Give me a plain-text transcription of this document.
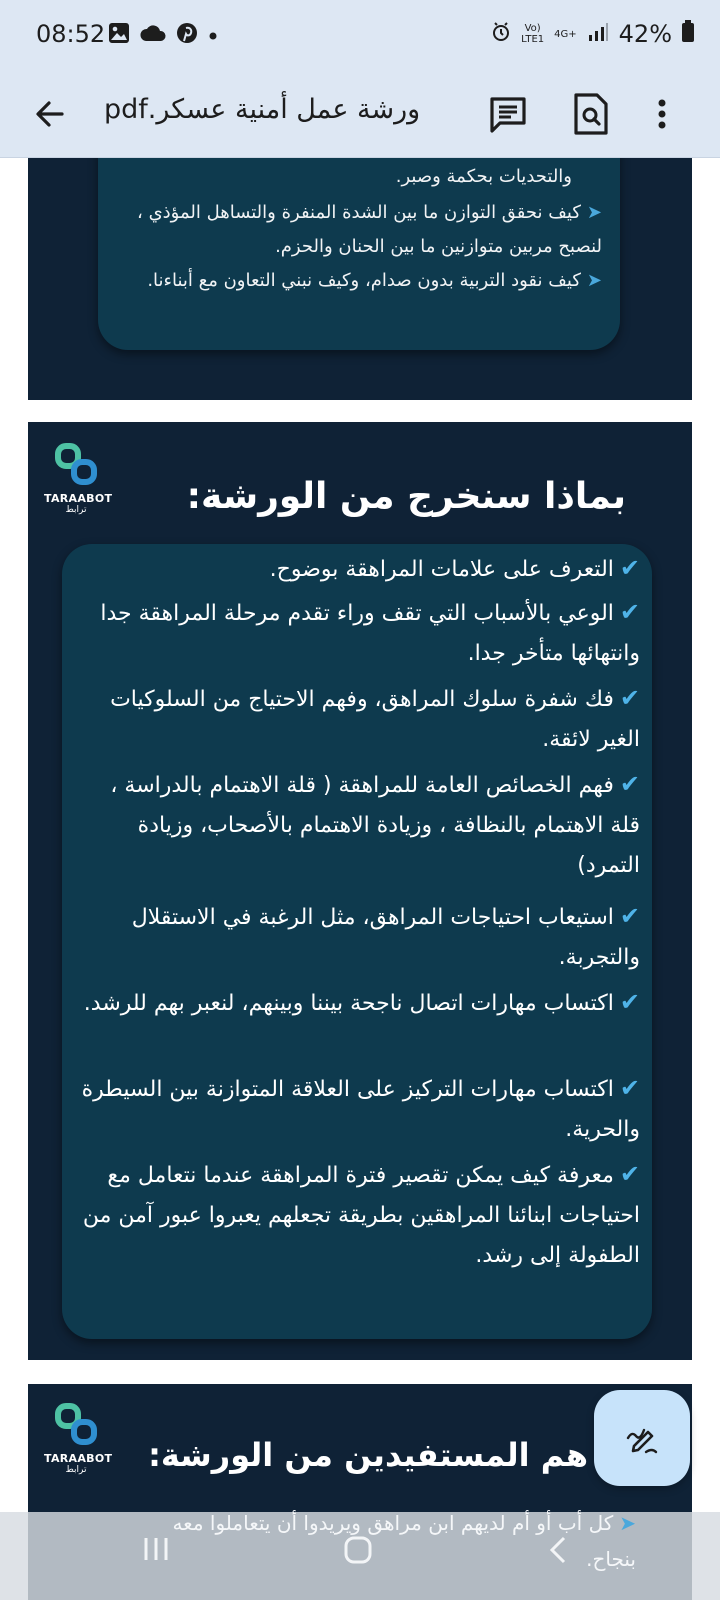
08:52	Vo)
LTE1 4G+ 42%
ورشة عمل أمنية عسكر.pdf
والتحديات بحكمة وصبر.
➤كيف نحقق التوازن ما بين الشدة المنفرة والتساهل المؤذي ، لنصبح مربين متوازنين ما بين الحنان والحزم.
➤كيف نقود التربية بدون صدام، وكيف نبني التعاون مع أبناءنا.
TARAABOT
ترابط	بماذا سنخرج من الورشة:
✔التعرف على علامات المراهقة بوضوح.
✔الوعي بالأسباب التي تقف وراء تقدم مرحلة المراهقة جدا وانتهائها متأخر جدا.
✔فك شفرة سلوك المراهق، وفهم الاحتياج من السلوكيات الغير لائقة.
✔فهم الخصائص العامة للمراهقة ( قلة الاهتمام بالدراسة ، قلة الاهتمام بالنظافة ، وزيادة الاهتمام بالأصحاب، وزيادة التمرد)
✔استيعاب احتياجات المراهق، مثل الرغبة في الاستقلال والتجربة.
✔اكتساب مهارات اتصال ناجحة بيننا وبينهم، لنعبر بهم للرشد.
✔اكتساب مهارات التركيز على العلاقة المتوازنة بين السيطرة والحرية.
✔معرفة كيف يمكن تقصير فترة المراهقة عندما نتعامل مع احتياجات ابنائنا المراهقين بطريقة تجعلهم يعبروا عبور آمن من الطفولة إلى رشد.
TARAABOT
ترابط	هم المستفيدين من الورشة:
➤كل أب أو أم لديهم ابن مراهق ويريدوا أن يتعاملوا معه
بنجاح.
